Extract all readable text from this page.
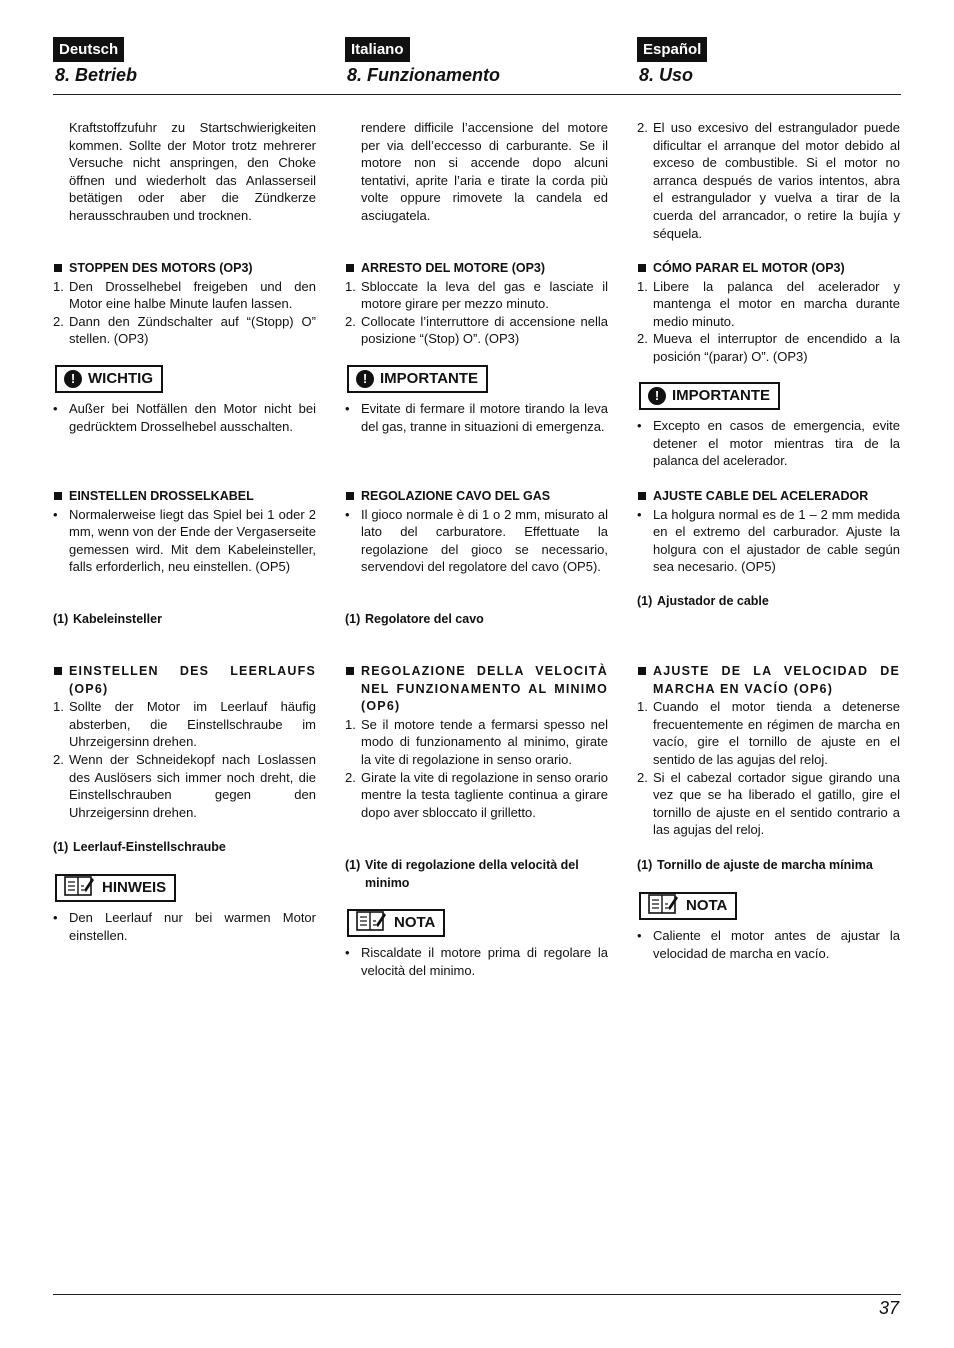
Deutsch	Italiano	Español
8. Betrieb	8. Funzionamento	8. Uso

Kraftstoffzufuhr zu Startschwierigkeiten kommen. Sollte der Motor trotz mehrerer Versuche nicht anspringen, den Choke öffnen und wiederholt das Anlasserseil betätigen oder aber die Zündkerze herausschrauben und trocknen.

STOPPEN DES MOTORS (OP3)

1. Den Drosselhebel freigeben und den Motor eine halbe Minute laufen lassen.

2. Dann den Zündschalter auf “(Stopp) O” stellen. (OP3)

! WICHTIG

• Außer bei Notfällen den Motor nicht bei gedrücktem Drosselhebel ausschalten.

EINSTELLEN DROSSELKABEL

• Normalerweise liegt das Spiel bei 1 oder 2 mm, wenn von der Ende der Vergaserseite gemessen wird. Mit dem Kabeleinsteller, falls erforderlich, neu einstellen. (OP5)

(1) Kabeleinsteller

EINSTELLEN DES LEERLAUFS (OP6)

1. Sollte der Motor im Leerlauf häufig absterben, die Einstellschraube im Uhrzeigersinn drehen.

2. Wenn der Schneidekopf nach Loslassen des Auslösers sich immer noch dreht, die Einstellschrauben gegen den Uhrzeigersinn drehen.

(1) Leerlauf-Einstellschraube

HINWEIS

• Den Leerlauf nur bei warmen Motor einstellen.

rendere difficile l’accensione del motore per via dell’eccesso di carburante. Se il motore non si accende dopo alcuni tentativi, aprite l’aria e tirate la corda più volte oppure rimovete la candela ed asciugatela.

ARRESTO DEL MOTORE (OP3)

1. Sbloccate la leva del gas e lasciate il motore girare per mezzo minuto.

2. Collocate l’interruttore di accensione nella posizione “(Stop) O”. (OP3)

! IMPORTANTE

• Evitate di fermare il motore tirando la leva del gas, tranne in situazioni di emergenza.

REGOLAZIONE CAVO DEL GAS

• Il gioco normale è di 1 o 2 mm, misurato al lato del carburatore. Effettuate la regolazione del gioco se necessario, servendovi del regolatore del cavo (OP5).

(1) Regolatore del cavo

REGOLAZIONE DELLA VELOCITÀ NEL FUNZIONAMENTO AL MINIMO (OP6)

1. Se il motore tende a fermarsi spesso nel modo di funzionamento al minimo, girate la vite di regolazione in senso orario.

2. Girate la vite di regolazione in senso orario mentre la testa tagliente continua a girare dopo aver sbloccato il grilletto.

(1) Vite di regolazione della velocità del minimo

NOTA

• Riscaldate il motore prima di regolare la velocità del minimo.

2. El uso excesivo del estrangulador puede dificultar el arranque del motor debido al exceso de combustible. Si el motor no arranca después de varios intentos, abra el estrangulador y vuelva a tirar de la cuerda del arrancador, o retire la bujía y séquela.

CÓMO PARAR EL MOTOR (OP3)

1. Libere la palanca del acelerador y mantenga el motor en marcha durante medio minuto.

2. Mueva el interruptor de encendido a la posición “(parar) O”. (OP3)

! IMPORTANTE

• Excepto en casos de emergencia, evite detener el motor mientras tira de la palanca del acelerador.

AJUSTE CABLE DEL ACELERADOR

• La holgura normal es de 1 – 2 mm medida en el extremo del carburador. Ajuste la holgura con el ajustador de cable según sea necesario. (OP5)

(1) Ajustador de cable

AJUSTE DE LA VELOCIDAD DE MARCHA EN VACÍO (OP6)

1. Cuando el motor tienda a detenerse frecuentemente en régimen de marcha en vacío, gire el tornillo de ajuste en el sentido de las agujas del reloj.

2. Si el cabezal cortador sigue girando una vez que se ha liberado el gatillo, gire el tornillo de ajuste en el sentido contrario a las agujas del reloj.

(1) Tornillo de ajuste de marcha mínima

NOTA

• Caliente el motor antes de ajustar la velocidad de marcha en vacío.

37
